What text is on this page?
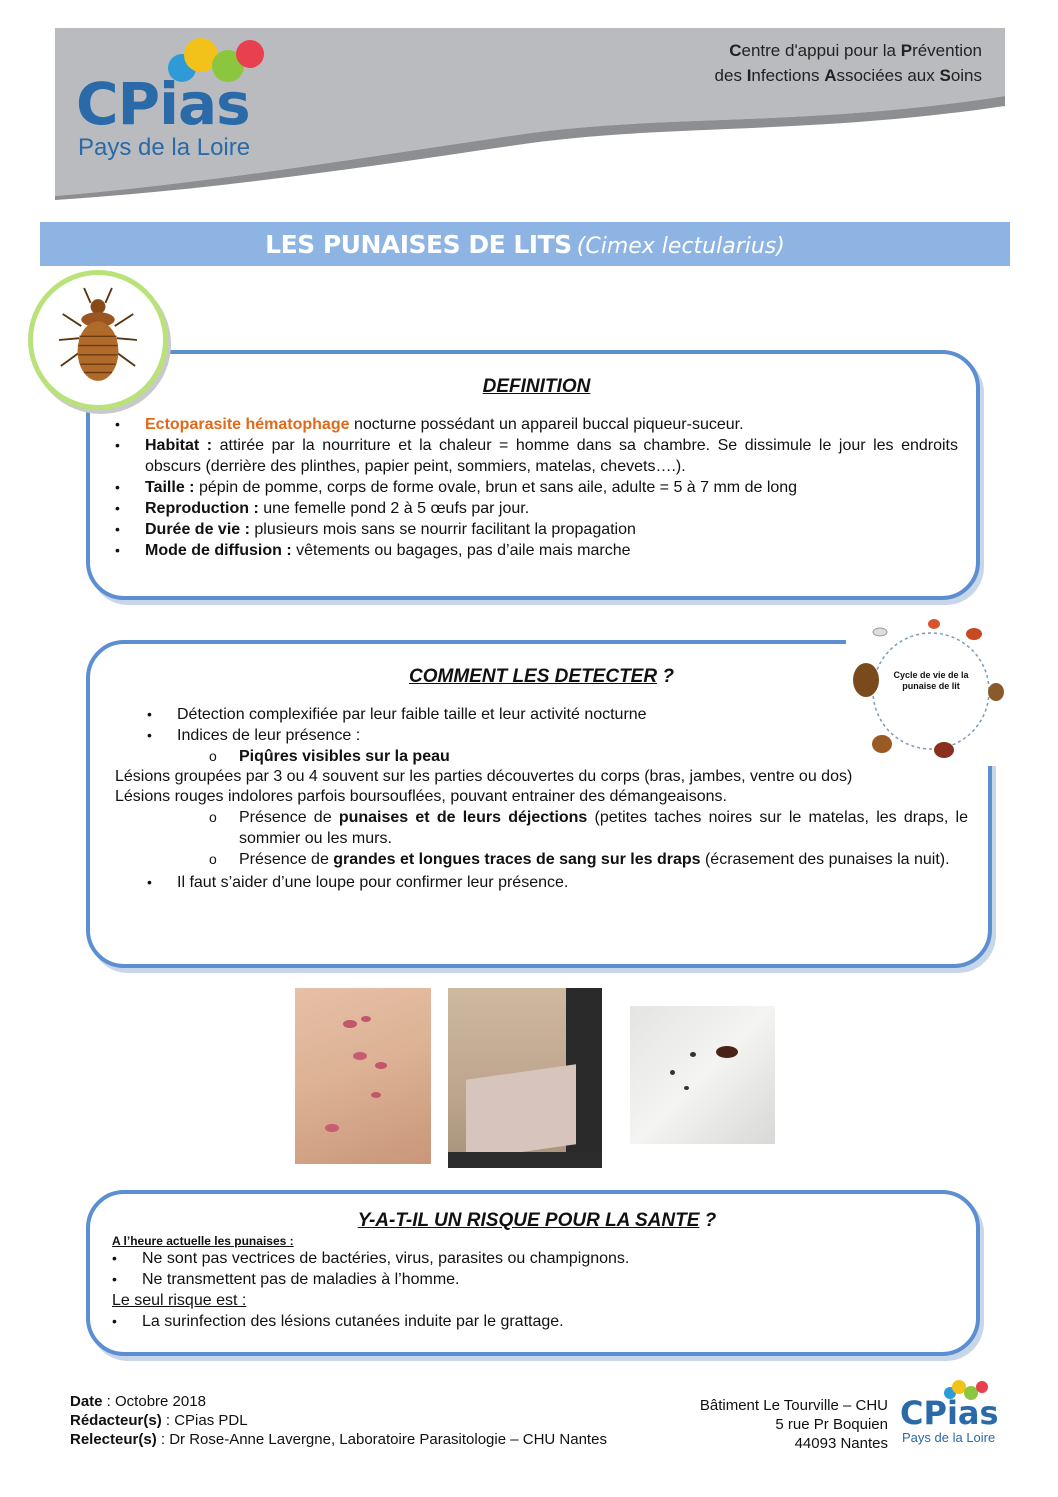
CPias
Pays de la Loire
Centre d'appui pour la Prévention
des Infections Associées aux Soins
LES PUNAISES DE LITS (Cimex lectularius)
DEFINITION
• Ectoparasite hématophage nocturne possédant un appareil buccal piqueur-suceur.
• Habitat : attirée par la nourriture et la chaleur = homme dans sa chambre. Se dissimule le jour les endroits obscurs (derrière des plinthes, papier peint, sommiers, matelas, chevets….).
• Taille : pépin de pomme, corps de forme ovale, brun et sans aile, adulte = 5 à 7 mm de long
• Reproduction : une femelle pond 2 à 5 œufs par jour.
• Durée de vie : plusieurs mois sans se nourrir facilitant la propagation
• Mode de diffusion : vêtements ou bagages, pas d’aile mais marche
Cycle de vie de la punaise de lit
COMMENT LES DETECTER ?
• Détection complexifiée par leur faible taille et leur activité nocturne
• Indices de leur présence :
o Piqûres visibles sur la peau
Lésions groupées par 3 ou 4 souvent sur les parties découvertes du corps (bras, jambes, ventre ou dos)
Lésions rouges indolores parfois boursouflées, pouvant entrainer des démangeaisons.
o Présence de punaises et de leurs déjections (petites taches noires sur le matelas, les draps, le sommier ou les murs.
o Présence de grandes et longues traces de sang sur les draps (écrasement des punaises la nuit).
• Il faut s’aider d’une loupe pour confirmer leur présence.
Y-A-T-IL UN RISQUE POUR LA SANTE ?
A l’heure actuelle les punaises :
• Ne sont pas vectrices de bactéries, virus, parasites ou champignons.
• Ne transmettent pas de maladies à l’homme.
Le seul risque est :
• La surinfection des lésions cutanées induite par le grattage.
Date : Octobre 2018
Rédacteur(s) : CPias PDL
Relecteur(s) : Dr Rose-Anne Lavergne, Laboratoire Parasitologie – CHU Nantes
Bâtiment Le Tourville – CHU
5 rue Pr Boquien
44093 Nantes
CPias
Pays de la Loire
